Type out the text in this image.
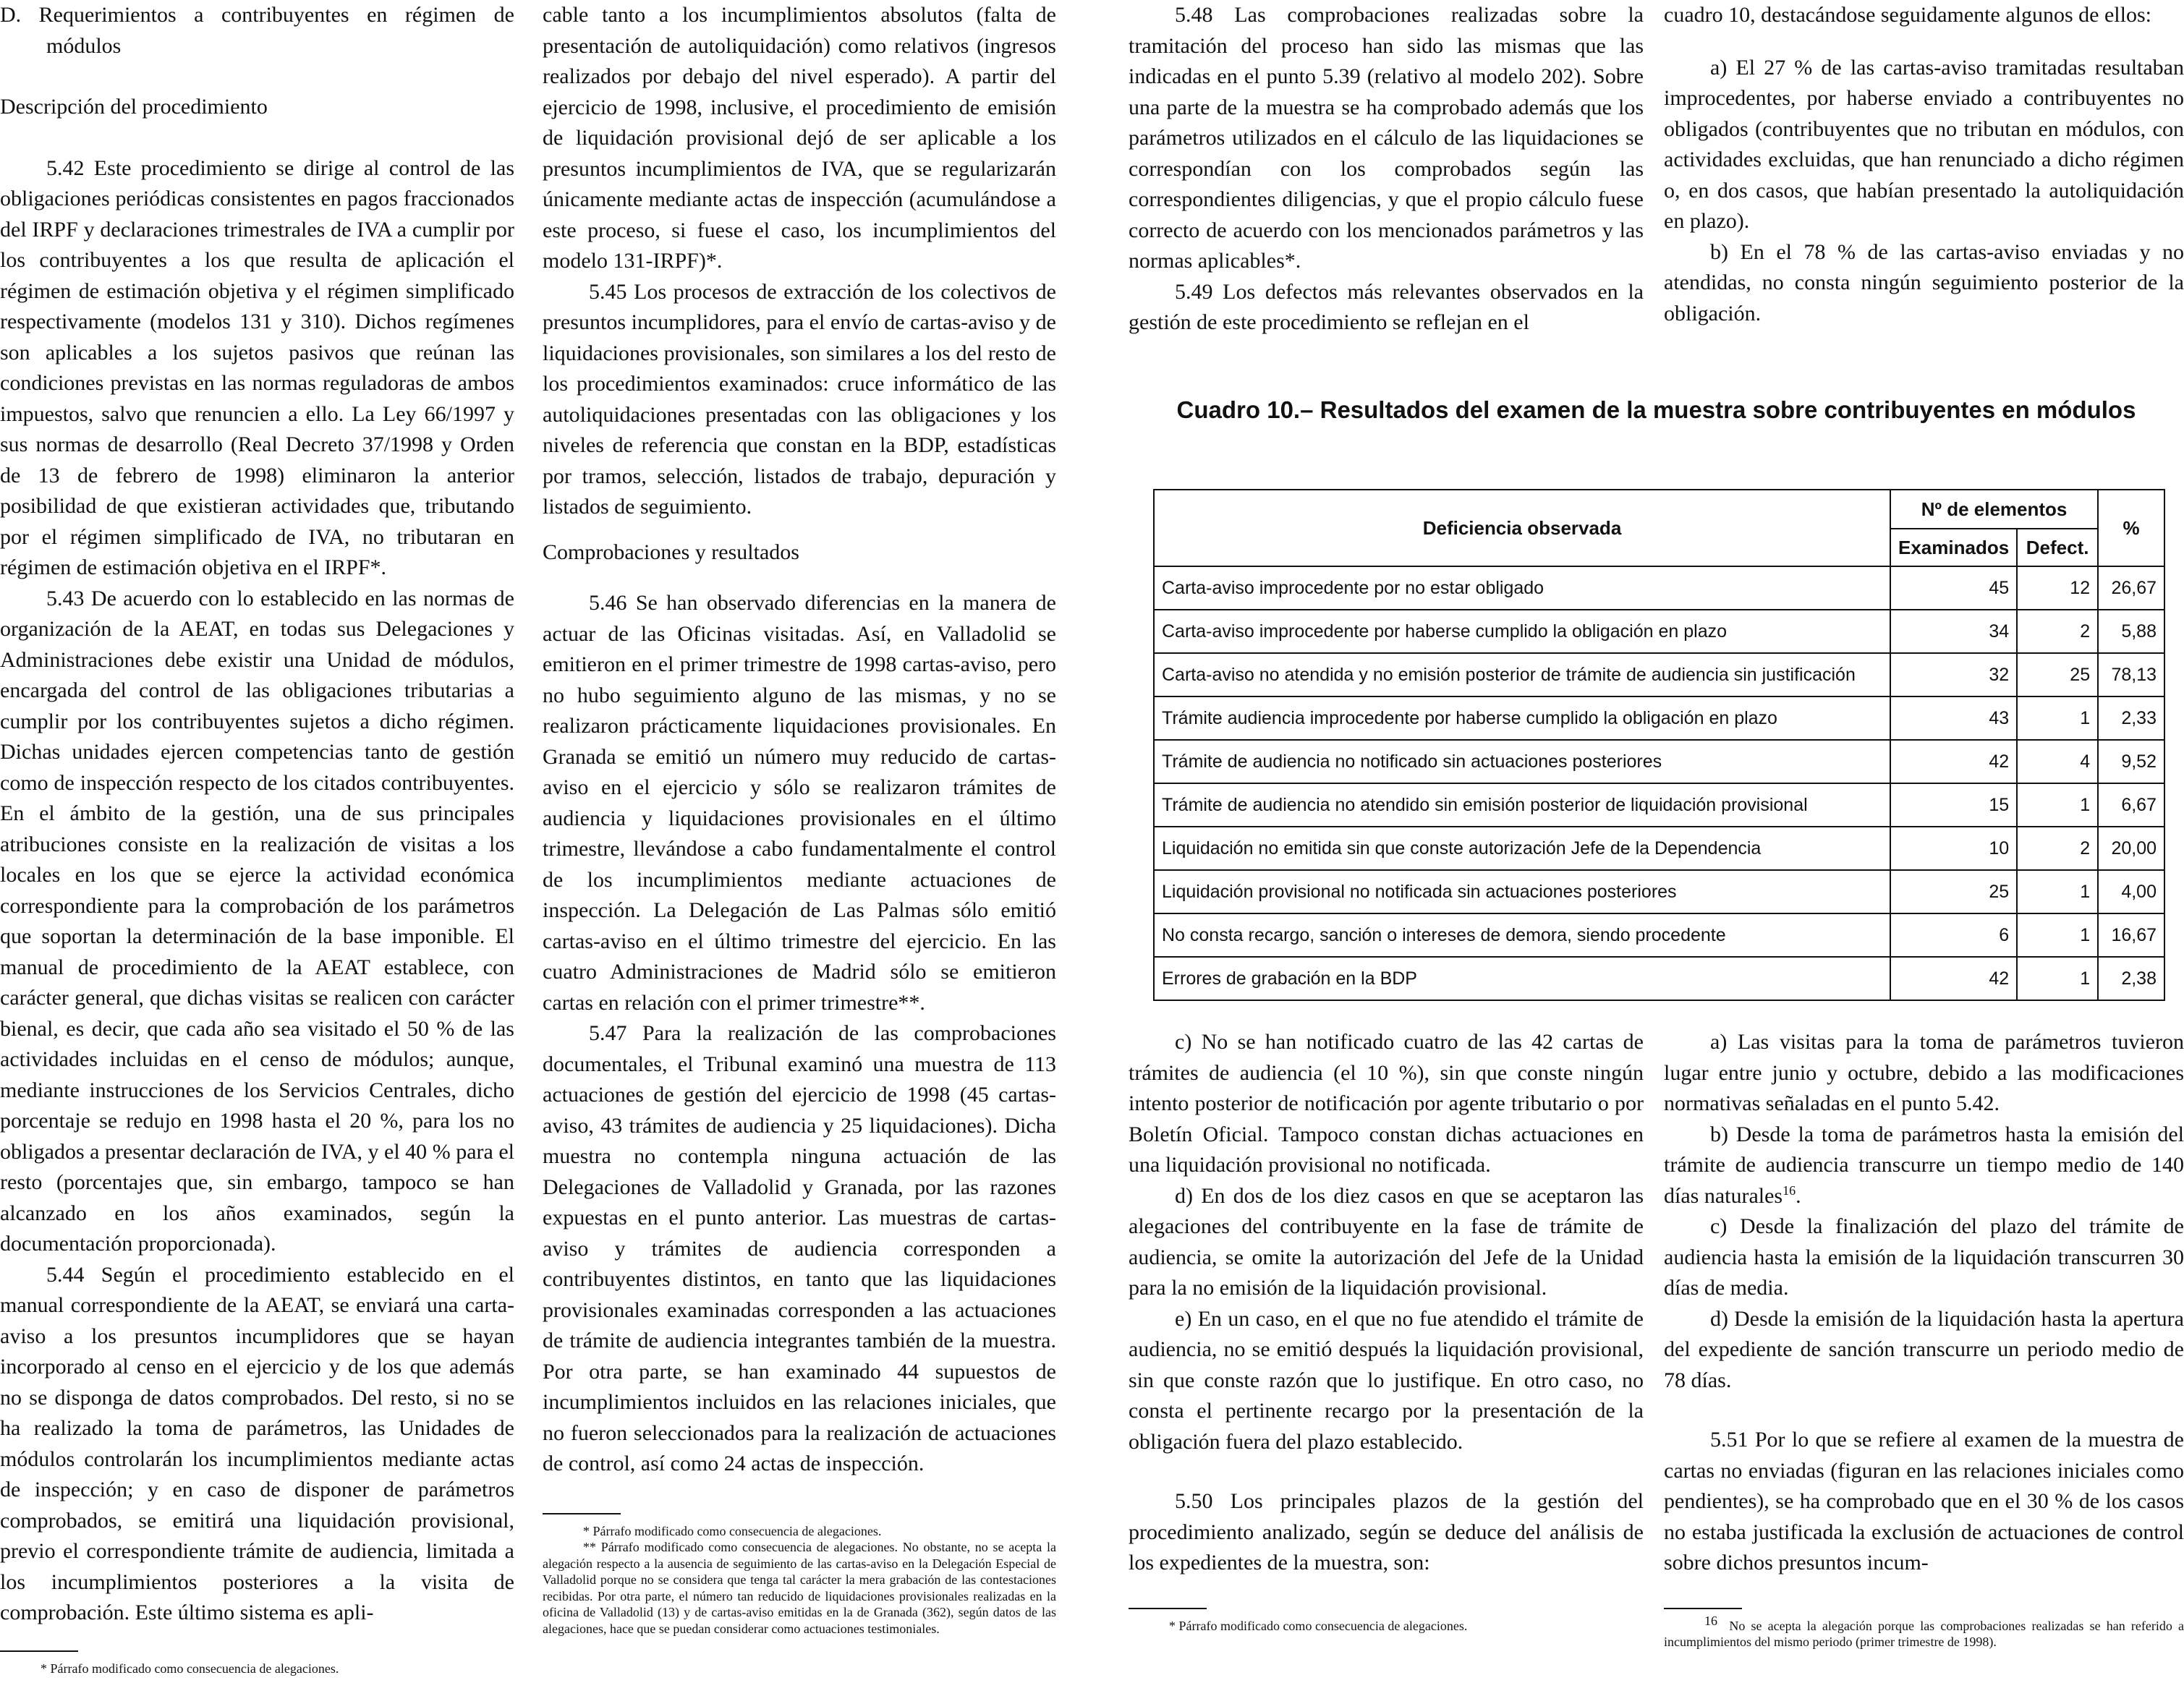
D. Requerimientos a contribuyentes en régimen de módulos

Descripción del procedimiento

5.42 Este procedimiento se dirige al control de las obligaciones periódicas consistentes en pagos fraccionados del IRPF y declaraciones trimestrales de IVA a cumplir por los contribuyentes a los que resulta de aplicación el régimen de estimación objetiva y el régimen simplificado respectivamente (modelos 131 y 310). Dichos regímenes son aplicables a los sujetos pasivos que reúnan las condiciones previstas en las normas reguladoras de ambos impuestos, salvo que renuncien a ello. La Ley 66/1997 y sus normas de desarrollo (Real Decreto 37/1998 y Orden de 13 de febrero de 1998) eliminaron la anterior posibilidad de que existieran actividades que, tributando por el régimen simplificado de IVA, no tributaran en régimen de estimación objetiva en el IRPF*.

5.43 De acuerdo con lo establecido en las normas de organización de la AEAT, en todas sus Delegaciones y Administraciones debe existir una Unidad de módulos, encargada del control de las obligaciones tributarias a cumplir por los contribuyentes sujetos a dicho régimen. Dichas unidades ejercen competencias tanto de gestión como de inspección respecto de los citados contribuyentes. En el ámbito de la gestión, una de sus principales atribuciones consiste en la realización de visitas a los locales en los que se ejerce la actividad económica correspondiente para la comprobación de los parámetros que soportan la determinación de la base imponible. El manual de procedimiento de la AEAT establece, con carácter general, que dichas visitas se realicen con carácter bienal, es decir, que cada año sea visitado el 50 % de las actividades incluidas en el censo de módulos; aunque, mediante instrucciones de los Servicios Centrales, dicho porcentaje se redujo en 1998 hasta el 20 %, para los no obligados a presentar declaración de IVA, y el 40 % para el resto (porcentajes que, sin embargo, tampoco se han alcanzado en los años examinados, según la documentación proporcionada).

5.44 Según el procedimiento establecido en el manual correspondiente de la AEAT, se enviará una carta-aviso a los presuntos incumplidores que se hayan incorporado al censo en el ejercicio y de los que además no se disponga de datos comprobados. Del resto, si no se ha realizado la toma de parámetros, las Unidades de módulos controlarán los incumplimientos mediante actas de inspección; y en caso de disponer de parámetros comprobados, se emitirá una liquidación provisional, previo el correspondiente trámite de audiencia, limitada a los incumplimientos posteriores a la visita de comprobación. Este último sistema es apli-

* Párrafo modificado como consecuencia de alegaciones.

cable tanto a los incumplimientos absolutos (falta de presentación de autoliquidación) como relativos (ingresos realizados por debajo del nivel esperado). A partir del ejercicio de 1998, inclusive, el procedimiento de emisión de liquidación provisional dejó de ser aplicable a los presuntos incumplimientos de IVA, que se regularizarán únicamente mediante actas de inspección (acumulándose a este proceso, si fuese el caso, los incumplimientos del modelo 131-IRPF)*.

5.45 Los procesos de extracción de los colectivos de presuntos incumplidores, para el envío de cartas-aviso y de liquidaciones provisionales, son similares a los del resto de los procedimientos examinados: cruce informático de las autoliquidaciones presentadas con las obligaciones y los niveles de referencia que constan en la BDP, estadísticas por tramos, selección, listados de trabajo, depuración y listados de seguimiento.

Comprobaciones y resultados

5.46 Se han observado diferencias en la manera de actuar de las Oficinas visitadas. Así, en Valladolid se emitieron en el primer trimestre de 1998 cartas-aviso, pero no hubo seguimiento alguno de las mismas, y no se realizaron prácticamente liquidaciones provisionales. En Granada se emitió un número muy reducido de cartas-aviso en el ejercicio y sólo se realizaron trámites de audiencia y liquidaciones provisionales en el último trimestre, llevándose a cabo fundamentalmente el control de los incumplimientos mediante actuaciones de inspección. La Delegación de Las Palmas sólo emitió cartas-aviso en el último trimestre del ejercicio. En las cuatro Administraciones de Madrid sólo se emitieron cartas en relación con el primer trimestre**.

5.47 Para la realización de las comprobaciones documentales, el Tribunal examinó una muestra de 113 actuaciones de gestión del ejercicio de 1998 (45 cartas-aviso, 43 trámites de audiencia y 25 liquidaciones). Dicha muestra no contempla ninguna actuación de las Delegaciones de Valladolid y Granada, por las razones expuestas en el punto anterior. Las muestras de cartas-aviso y trámites de audiencia corresponden a contribuyentes distintos, en tanto que las liquidaciones provisionales examinadas corresponden a las actuaciones de trámite de audiencia integrantes también de la muestra. Por otra parte, se han examinado 44 supuestos de incumplimientos incluidos en las relaciones iniciales, que no fueron seleccionados para la realización de actuaciones de control, así como 24 actas de inspección.

* Párrafo modificado como consecuencia de alegaciones.

** Párrafo modificado como consecuencia de alegaciones. No obstante, no se acepta la alegación respecto a la ausencia de seguimiento de las cartas-aviso en la Delegación Especial de Valladolid porque no se considera que tenga tal carácter la mera grabación de las contestaciones recibidas. Por otra parte, el número tan reducido de liquidaciones provisionales realizadas en la oficina de Valladolid (13) y de cartas-aviso emitidas en la de Granada (362), según datos de las alegaciones, hace que se puedan considerar como actuaciones testimoniales.

5.48 Las comprobaciones realizadas sobre la tramitación del proceso han sido las mismas que las indicadas en el punto 5.39 (relativo al modelo 202). Sobre una parte de la muestra se ha comprobado además que los parámetros utilizados en el cálculo de las liquidaciones se correspondían con los comprobados según las correspondientes diligencias, y que el propio cálculo fuese correcto de acuerdo con los mencionados parámetros y las normas aplicables*.

5.49 Los defectos más relevantes observados en la gestión de este procedimiento se reflejan en el

cuadro 10, destacándose seguidamente algunos de ellos:

a) El 27 % de las cartas-aviso tramitadas resultaban improcedentes, por haberse enviado a contribuyentes no obligados (contribuyentes que no tributan en módulos, con actividades excluidas, que han renunciado a dicho régimen o, en dos casos, que habían presentado la autoliquidación en plazo).

b) En el 78 % de las cartas-aviso enviadas y no atendidas, no consta ningún seguimiento posterior de la obligación.

Cuadro 10.– Resultados del examen de la muestra sobre contribuyentes en módulos
Deficiencia observada	Nº de elementos		%
	Examinados	Defect.	
Carta-aviso improcedente por no estar obligado	45	12	26,67
Carta-aviso improcedente por haberse cumplido la obligación en plazo	34	2	5,88
Carta-aviso no atendida y no emisión posterior de trámite de audiencia sin justificación	32	25	78,13
Trámite audiencia improcedente por haberse cumplido la obligación en plazo	43	1	2,33
Trámite de audiencia no notificado sin actuaciones posteriores	42	4	9,52
Trámite de audiencia no atendido sin emisión posterior de liquidación provisional	15	1	6,67
Liquidación no emitida sin que conste autorización Jefe de la Dependencia	10	2	20,00
Liquidación provisional no notificada sin actuaciones posteriores	25	1	4,00
No consta recargo, sanción o intereses de demora, siendo procedente	6	1	16,67
Errores de grabación en la BDP	42	1	2,38

c) No se han notificado cuatro de las 42 cartas de trámites de audiencia (el 10 %), sin que conste ningún intento posterior de notificación por agente tributario o por Boletín Oficial. Tampoco constan dichas actuaciones en una liquidación provisional no notificada.

d) En dos de los diez casos en que se aceptaron las alegaciones del contribuyente en la fase de trámite de audiencia, se omite la autorización del Jefe de la Unidad para la no emisión de la liquidación provisional.

e) En un caso, en el que no fue atendido el trámite de audiencia, no se emitió después la liquidación provisional, sin que conste razón que lo justifique. En otro caso, no consta el pertinente recargo por la presentación de la obligación fuera del plazo establecido.

5.50 Los principales plazos de la gestión del procedimiento analizado, según se deduce del análisis de los expedientes de la muestra, son:

* Párrafo modificado como consecuencia de alegaciones.

a) Las visitas para la toma de parámetros tuvieron lugar entre junio y octubre, debido a las modificaciones normativas señaladas en el punto 5.42.

b) Desde la toma de parámetros hasta la emisión del trámite de audiencia transcurre un tiempo medio de 140 días naturales$^{16}$.

c) Desde la finalización del plazo del trámite de audiencia hasta la emisión de la liquidación transcurren 30 días de media.

d) Desde la emisión de la liquidación hasta la apertura del expediente de sanción transcurre un periodo medio de 78 días.

5.51 Por lo que se refiere al examen de la muestra de cartas no enviadas (figuran en las relaciones iniciales como pendientes), se ha comprobado que en el 30 % de los casos no estaba justificada la exclusión de actuaciones de control sobre dichos presuntos incum-

$^{16}$ No se acepta la alegación porque las comprobaciones realizadas se han referido a incumplimientos del mismo periodo (primer trimestre de 1998).
